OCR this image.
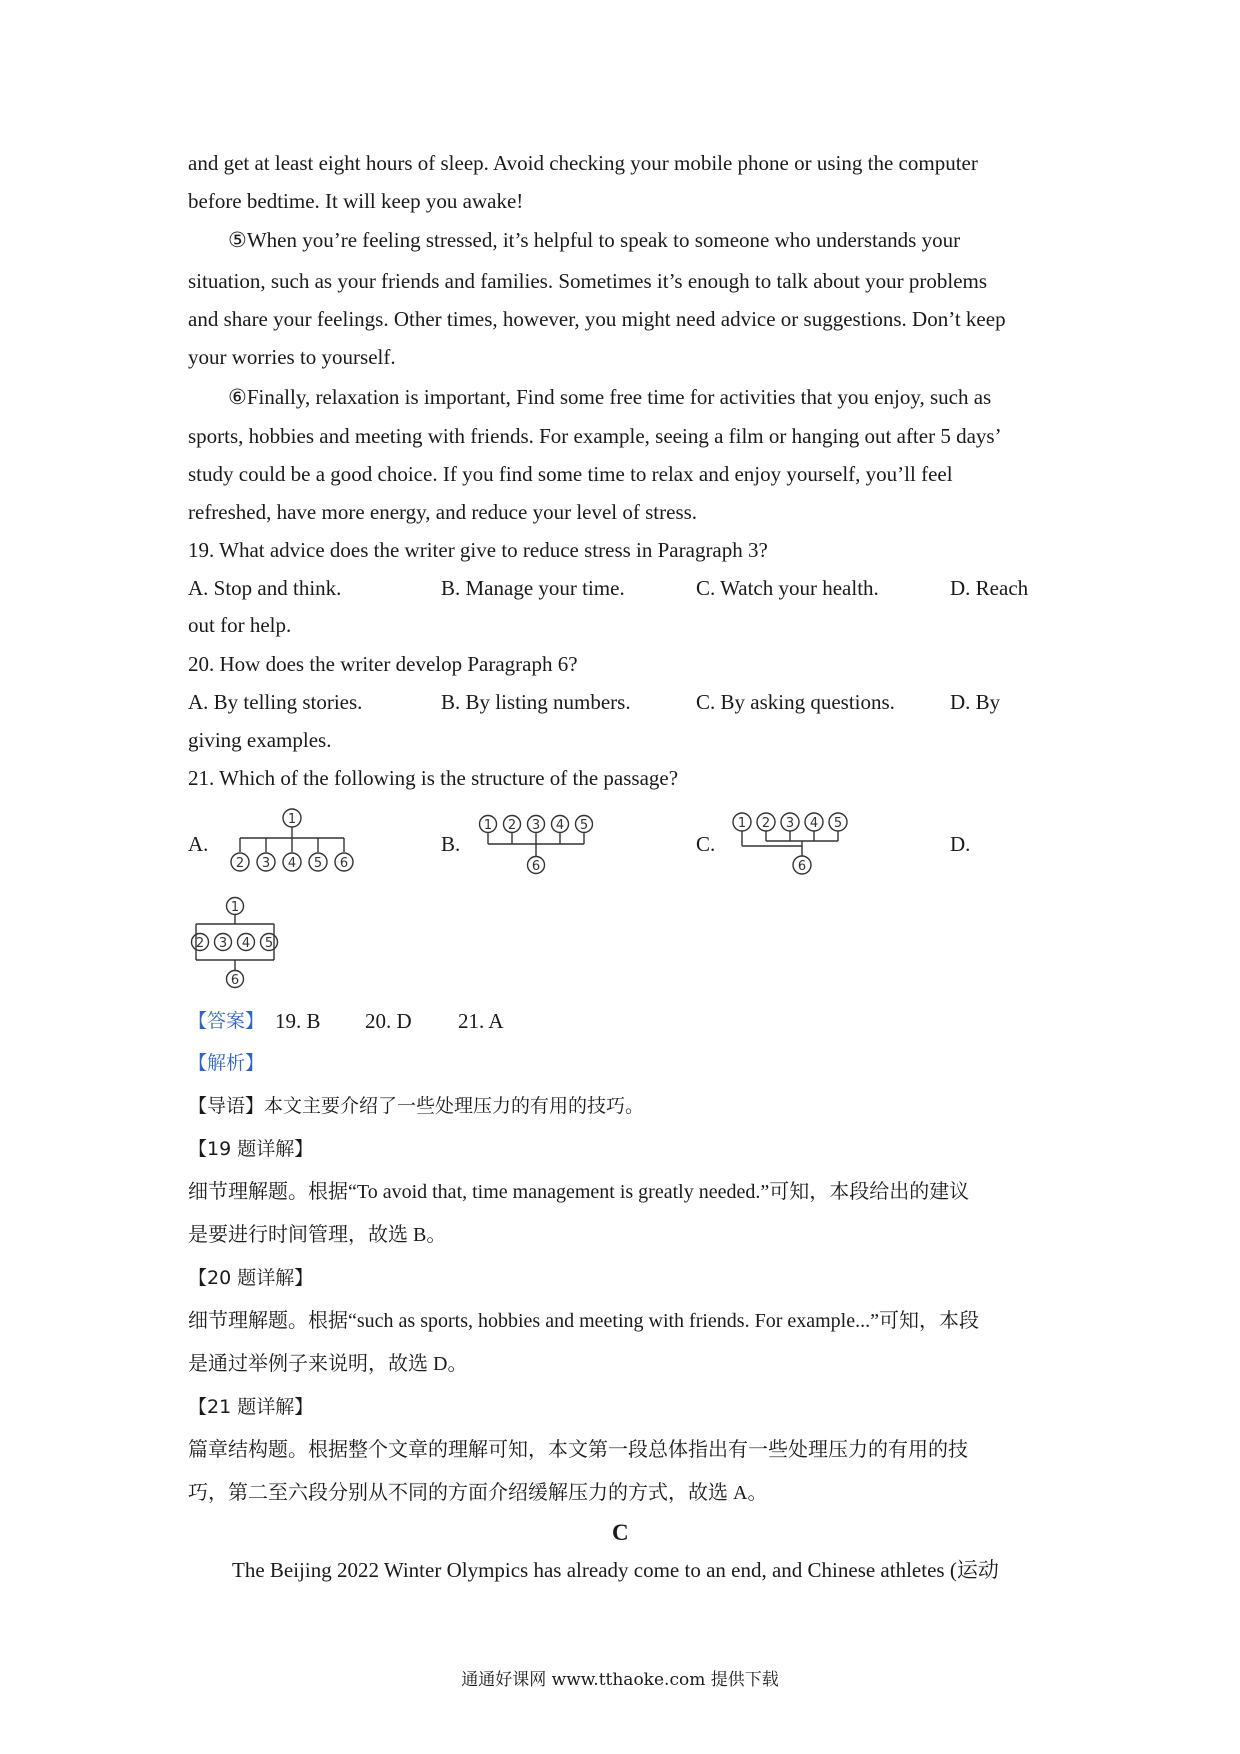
and get at least eight hours of sleep. Avoid checking your mobile phone or using the computer
before bedtime. It will keep you awake!
⑤When you’re feeling stressed, it’s helpful to speak to someone who understands your
situation, such as your friends and families. Sometimes it’s enough to talk about your problems
and share your feelings. Other times, however, you might need advice or suggestions. Don’t keep
your worries to yourself.
⑥Finally, relaxation is important, Find some free time for activities that you enjoy, such as
sports, hobbies and meeting with friends. For example, seeing a film or hanging out after 5 days’
study could be a good choice. If you find some time to relax and enjoy yourself, you’ll feel
refreshed, have more energy, and reduce your level of stress.
19. What advice does the writer give to reduce stress in Paragraph 3?
A. Stop and think.	B. Manage your time.	C. Watch your health.	D. Reach
out for help.
20. How does the writer develop Paragraph 6?
A. By telling stories.	B. By listing numbers.	C. By asking questions.	D. By
giving examples.
21. Which of the following is the structure of the passage?
A.	B.	C.	D.
1
2 3 4 5 6
1 2 3 4 5
6
1 2 3 4 5
6
1
2 3 4 5
6
【答案】 19. B 20. D 21. A
【解析】
【导语】本文主要介绍了一些处理压力的有用的技巧。
【19 题详解】
细节理解题。根据“To avoid that, time management is greatly needed.”可知，本段给出的建议
是要进行时间管理，故选 B。
【20 题详解】
细节理解题。根据“such as sports, hobbies and meeting with friends. For example...”可知，本段
是通过举例子来说明，故选 D。
【21 题详解】
篇章结构题。根据整个文章的理解可知，本文第一段总体指出有一些处理压力的有用的技
巧，第二至六段分别从不同的方面介绍缓解压力的方式，故选 A。
C
The Beijing 2022 Winter Olympics has already come to an end, and Chinese athletes (运动
通通好课网 www.tthaoke.com 提供下载
